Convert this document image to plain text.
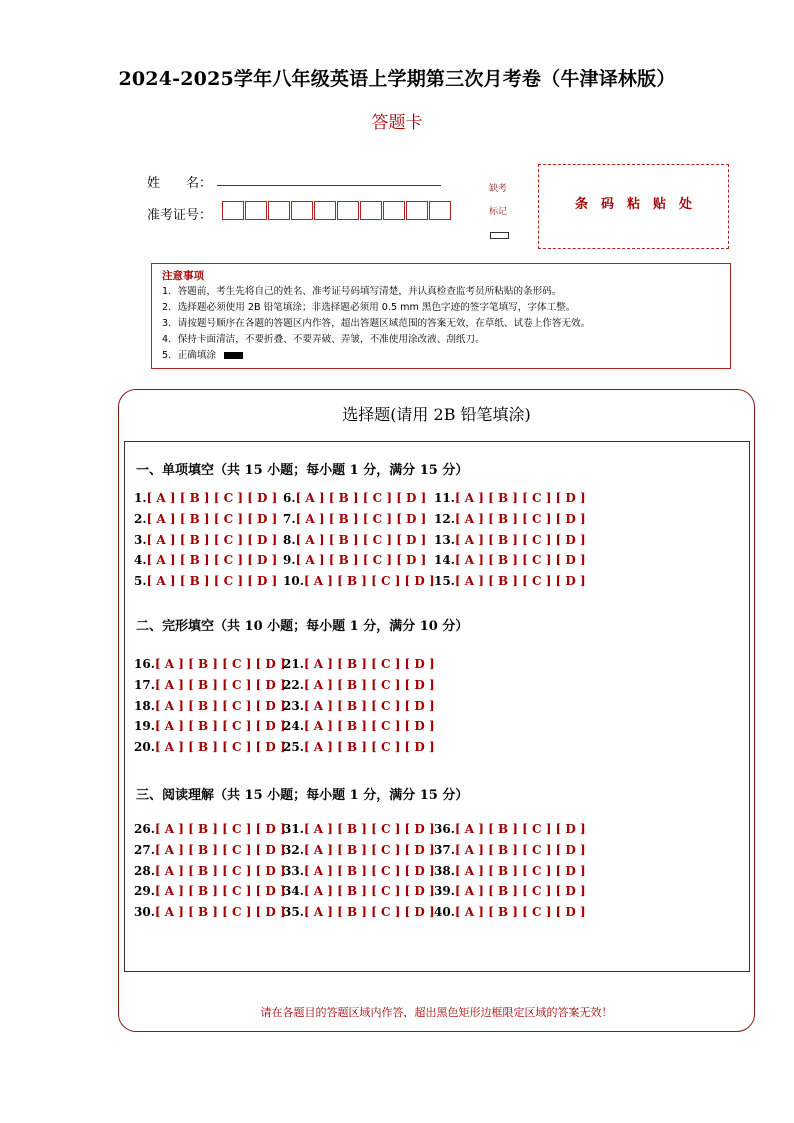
2024-2025学年八年级英语上学期第三次月考卷（牛津译林版）
答题卡
姓　　名：
准考证号：
缺考
标记	条码粘贴处
注意事项
1．答题前，考生先将自己的姓名、准考证号码填写清楚，并认真检查监考员所粘贴的条形码。
2．选择题必须使用 2B 铅笔填涂；非选择题必须用 0.5 mm 黑色字迹的签字笔填写，字体工整。
3．请按题号顺序在各题的答题区内作答，超出答题区域范围的答案无效，在草纸、试卷上作答无效。
4．保持卡面清洁，不要折叠、不要弄破、弄皱，不准使用涂改液、刮纸刀。
5．正确填涂
选择题(请用 2B 铅笔填涂)
一、单项填空（共 15 小题；每小题 1 分，满分 15 分）
二、完形填空（共 10 小题；每小题 1 分，满分 10 分）
三、阅读理解（共 15 小题；每小题 1 分，满分 15 分）
1.[ A ] [ B ] [ C ] [ D ]
2.[ A ] [ B ] [ C ] [ D ]
3.[ A ] [ B ] [ C ] [ D ]
4.[ A ] [ B ] [ C ] [ D ]
5.[ A ] [ B ] [ C ] [ D ]
6.[ A ] [ B ] [ C ] [ D ]
7.[ A ] [ B ] [ C ] [ D ]
8.[ A ] [ B ] [ C ] [ D ]
9.[ A ] [ B ] [ C ] [ D ]
10.[ A ] [ B ] [ C ] [ D ]
11.[ A ] [ B ] [ C ] [ D ]
12.[ A ] [ B ] [ C ] [ D ]
13.[ A ] [ B ] [ C ] [ D ]
14.[ A ] [ B ] [ C ] [ D ]
15.[ A ] [ B ] [ C ] [ D ]
16.[ A ] [ B ] [ C ] [ D ]
17.[ A ] [ B ] [ C ] [ D ]
18.[ A ] [ B ] [ C ] [ D ]
19.[ A ] [ B ] [ C ] [ D ]
20.[ A ] [ B ] [ C ] [ D ]
21.[ A ] [ B ] [ C ] [ D ]
22.[ A ] [ B ] [ C ] [ D ]
23.[ A ] [ B ] [ C ] [ D ]
24.[ A ] [ B ] [ C ] [ D ]
25.[ A ] [ B ] [ C ] [ D ]
26.[ A ] [ B ] [ C ] [ D ]
27.[ A ] [ B ] [ C ] [ D ]
28.[ A ] [ B ] [ C ] [ D ]
29.[ A ] [ B ] [ C ] [ D ]
30.[ A ] [ B ] [ C ] [ D ]
31.[ A ] [ B ] [ C ] [ D ]
32.[ A ] [ B ] [ C ] [ D ]
33.[ A ] [ B ] [ C ] [ D ]
34.[ A ] [ B ] [ C ] [ D ]
35.[ A ] [ B ] [ C ] [ D ]
36.[ A ] [ B ] [ C ] [ D ]
37.[ A ] [ B ] [ C ] [ D ]
38.[ A ] [ B ] [ C ] [ D ]
39.[ A ] [ B ] [ C ] [ D ]
40.[ A ] [ B ] [ C ] [ D ]
请在各题目的答题区域内作答，超出黑色矩形边框限定区域的答案无效！
